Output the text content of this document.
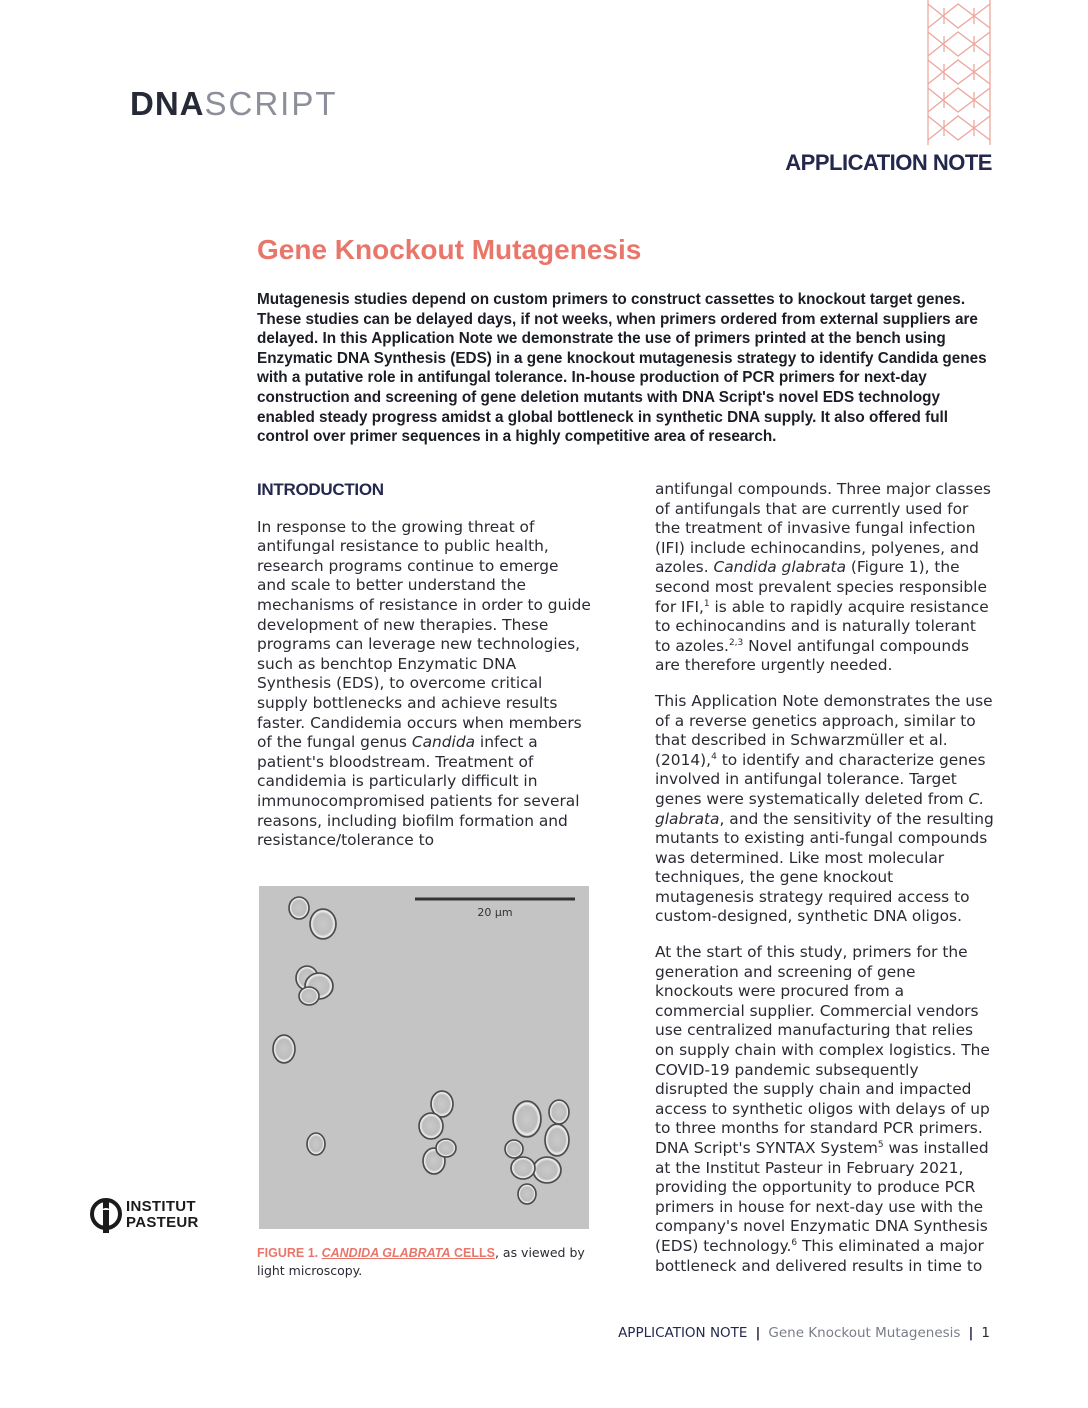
DNASCRIPT
APPLICATION NOTE
Gene Knockout Mutagenesis

Mutagenesis studies depend on custom primers to construct cassettes to knockout target genes. These studies can be delayed days, if not weeks, when primers ordered from external suppliers are delayed. In this Application Note we demonstrate the use of primers printed at the bench using Enzymatic DNA Synthesis (EDS) in a gene knockout mutagenesis strategy to identify Candida genes with a putative role in antifungal tolerance. In-house production of PCR primers for next-day construction and screening of gene deletion mutants with DNA Script's novel EDS technology enabled steady progress amidst a global bottleneck in synthetic DNA supply. It also offered full control over primer sequences in a highly competitive area of research.

INTRODUCTION

In response to the growing threat of antifungal resistance to public health, research programs continue to emerge and scale to better understand the mechanisms of resistance in order to guide development of new therapies. These programs can leverage new technologies, such as benchtop Enzymatic DNA Synthesis (EDS), to overcome critical supply bottlenecks and achieve results faster. Candidemia occurs when members of the fungal genus Candida infect a patient's bloodstream. Treatment of candidemia is particularly difficult in immunocompromised patients for several reasons, including biofilm formation and resistance/tolerance to

antifungal compounds. Three major classes of antifungals that are currently used for the treatment of invasive fungal infection (IFI) include echinocandins, polyenes, and azoles. Candida glabrata (Figure 1), the second most prevalent species responsible for IFI,$^1$ is able to rapidly acquire resistance to echinocandins and is naturally tolerant to azoles.$^{2,3}$ Novel antifungal compounds are therefore urgently needed.

This Application Note demonstrates the use of a reverse genetics approach, similar to that described in Schwarzmüller et al. (2014),$^4$ to identify and characterize genes involved in antifungal tolerance. Target genes were systematically deleted from C. glabrata, and the sensitivity of the resulting mutants to existing anti-fungal compounds was determined. Like most molecular techniques, the gene knockout mutagenesis strategy required access to custom-designed, synthetic DNA oligos.

At the start of this study, primers for the generation and screening of gene knockouts were procured from a commercial supplier. Commercial vendors use centralized manufacturing that relies on supply chain with complex logistics. The COVID-19 pandemic subsequently disrupted the supply chain and impacted access to synthetic oligos with delays of up to three months for standard PCR primers. DNA Script's SYNTAX System$^5$ was installed at the Institut Pasteur in February 2021, providing the opportunity to produce PCR primers in house for next-day use with the company's novel Enzymatic DNA Synthesis (EDS) technology.$^6$ This eliminated a major bottleneck and delivered results in time to

20 µm
FIGURE 1. CANDIDA GLABRATA CELLS, as viewed by light microscopy.
INSTITUT
PASTEUR
APPLICATION NOTE | Gene Knockout Mutagenesis | 1
